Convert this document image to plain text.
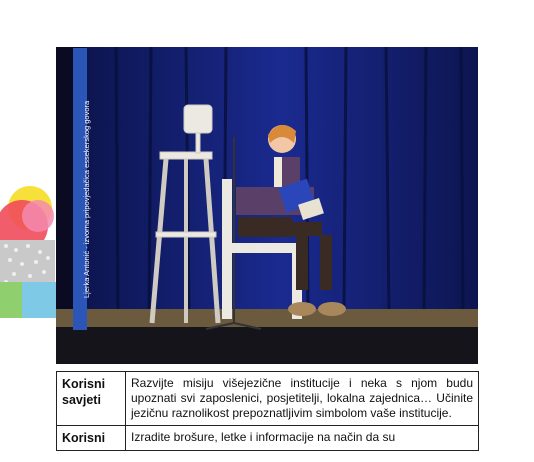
Ljerka Antonić - izvorna pripovjedačica essekerskog govora
Korisni savjeti	Razvijte misiju višejezične institucije i neka s njom budu upoznati svi zaposlenici, posjetitelji, lokalna zajednica… Učinite jezičnu raznolikost prepoznatljivim simbolom vaše institucije.
Korisni	Izradite brošure, letke i informacije na način da su
